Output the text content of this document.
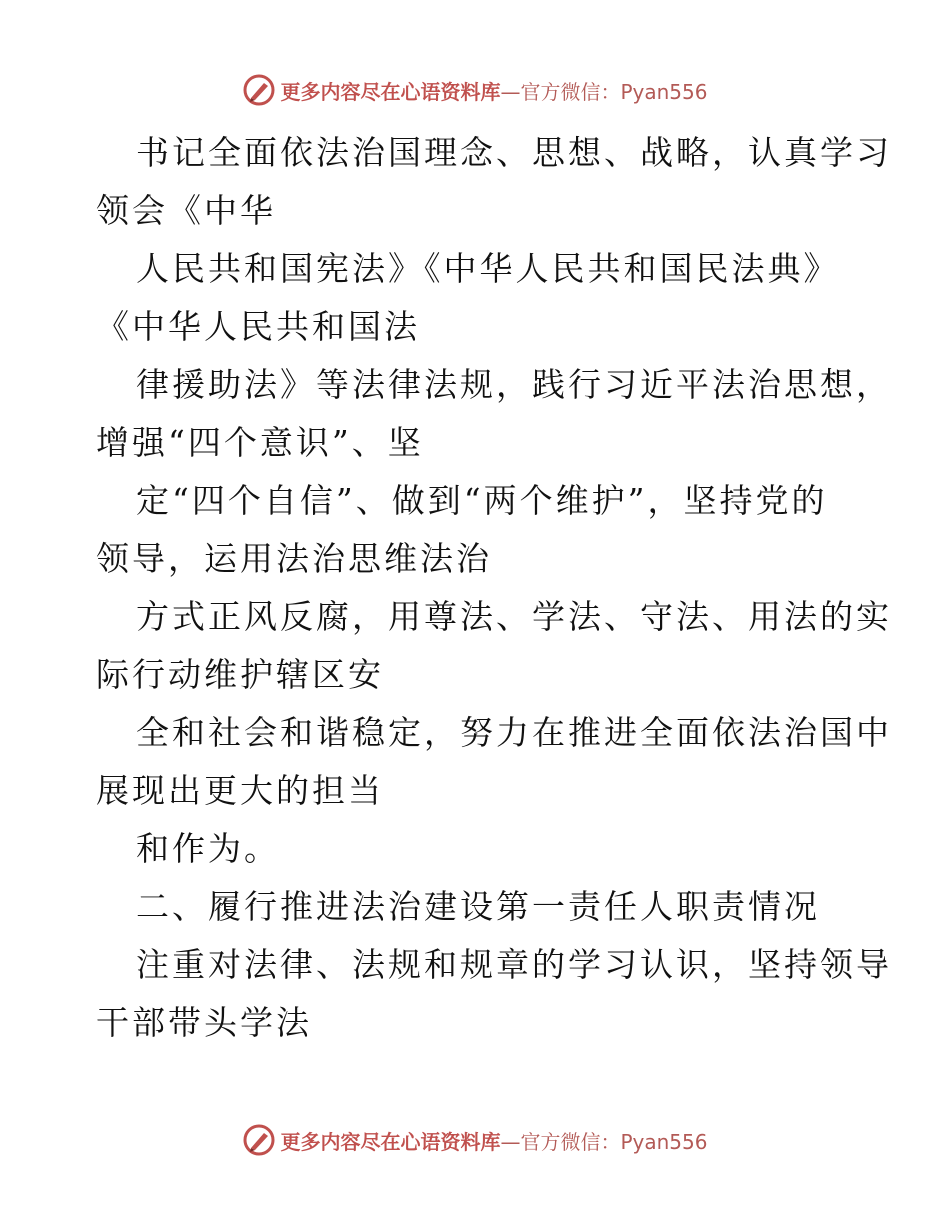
更多内容尽在心语资料库—官方微信：Pyan556
书记全面依法治国理念、思想、战略，认真学习
领会《中华
人民共和国宪法》《中华人民共和国民法典》
《中华人民共和国法
律援助法》等法律法规，践行习近平法治思想，
增强“四个意识”、坚
定“四个自信”、做到“两个维护”，坚持党的
领导，运用法治思维法治
方式正风反腐，用尊法、学法、守法、用法的实
际行动维护辖区安
全和社会和谐稳定，努力在推进全面依法治国中
展现出更大的担当
和作为。
二、履行推进法治建设第一责任人职责情况
注重对法律、法规和规章的学习认识，坚持领导
干部带头学法
更多内容尽在心语资料库—官方微信：Pyan556
